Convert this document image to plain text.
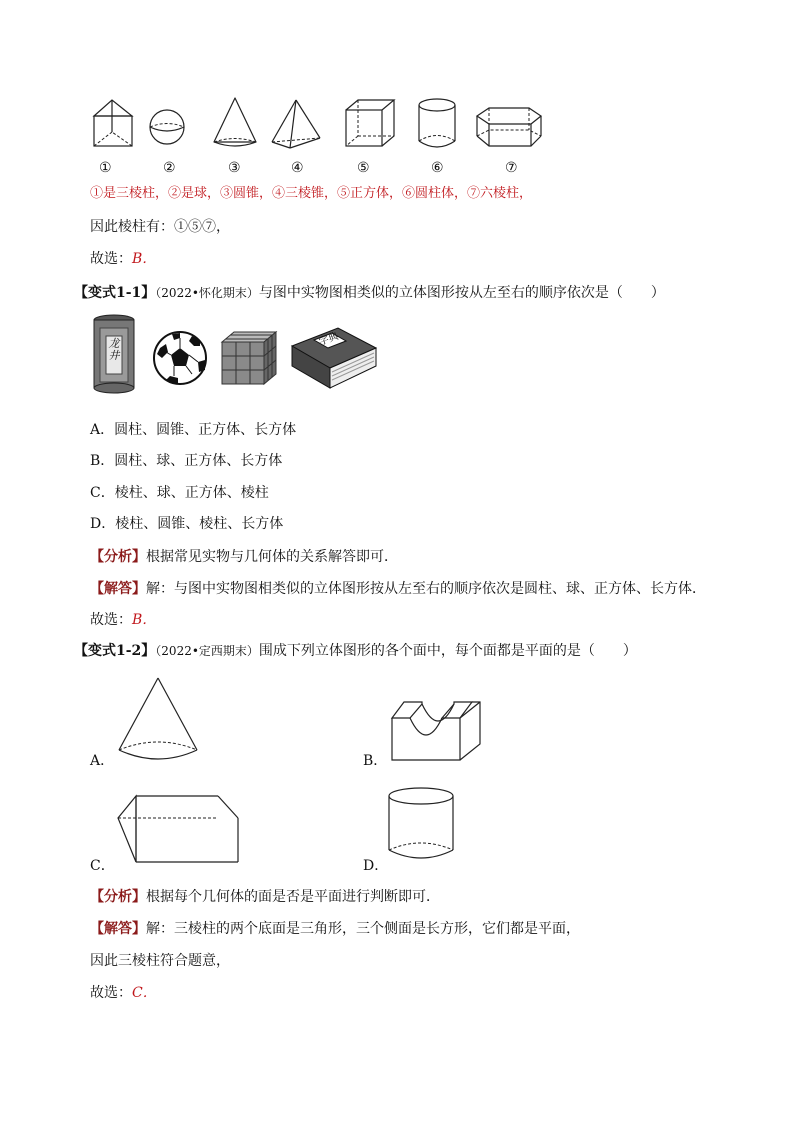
①	②	③	④	⑤	⑥	⑦
①是三棱柱，②是球，③圆锥，④三棱锥，⑤正方体，⑥圆柱体，⑦六棱柱，
因此棱柱有：①⑤⑦，
故选：B．
【变式1-1】（2022•怀化期末）与图中实物图相类似的立体图形按从左至右的顺序依次是（　　）
龙井
字典
A．圆柱、圆锥、正方体、长方体
B．圆柱、球、正方体、长方体
C．棱柱、球、正方体、棱柱
D．棱柱、圆锥、棱柱、长方体
【分析】根据常见实物与几何体的关系解答即可．
【解答】解：与图中实物图相类似的立体图形按从左至右的顺序依次是圆柱、球、正方体、长方体．
故选：B．
【变式1-2】（2022•定西期末）围成下列立体图形的各个面中，每个面都是平面的是（　　）
A．	B．
C．	D．
【分析】根据每个几何体的面是否是平面进行判断即可．
【解答】解：三棱柱的两个底面是三角形，三个侧面是长方形，它们都是平面，
因此三棱柱符合题意，
故选：C．
